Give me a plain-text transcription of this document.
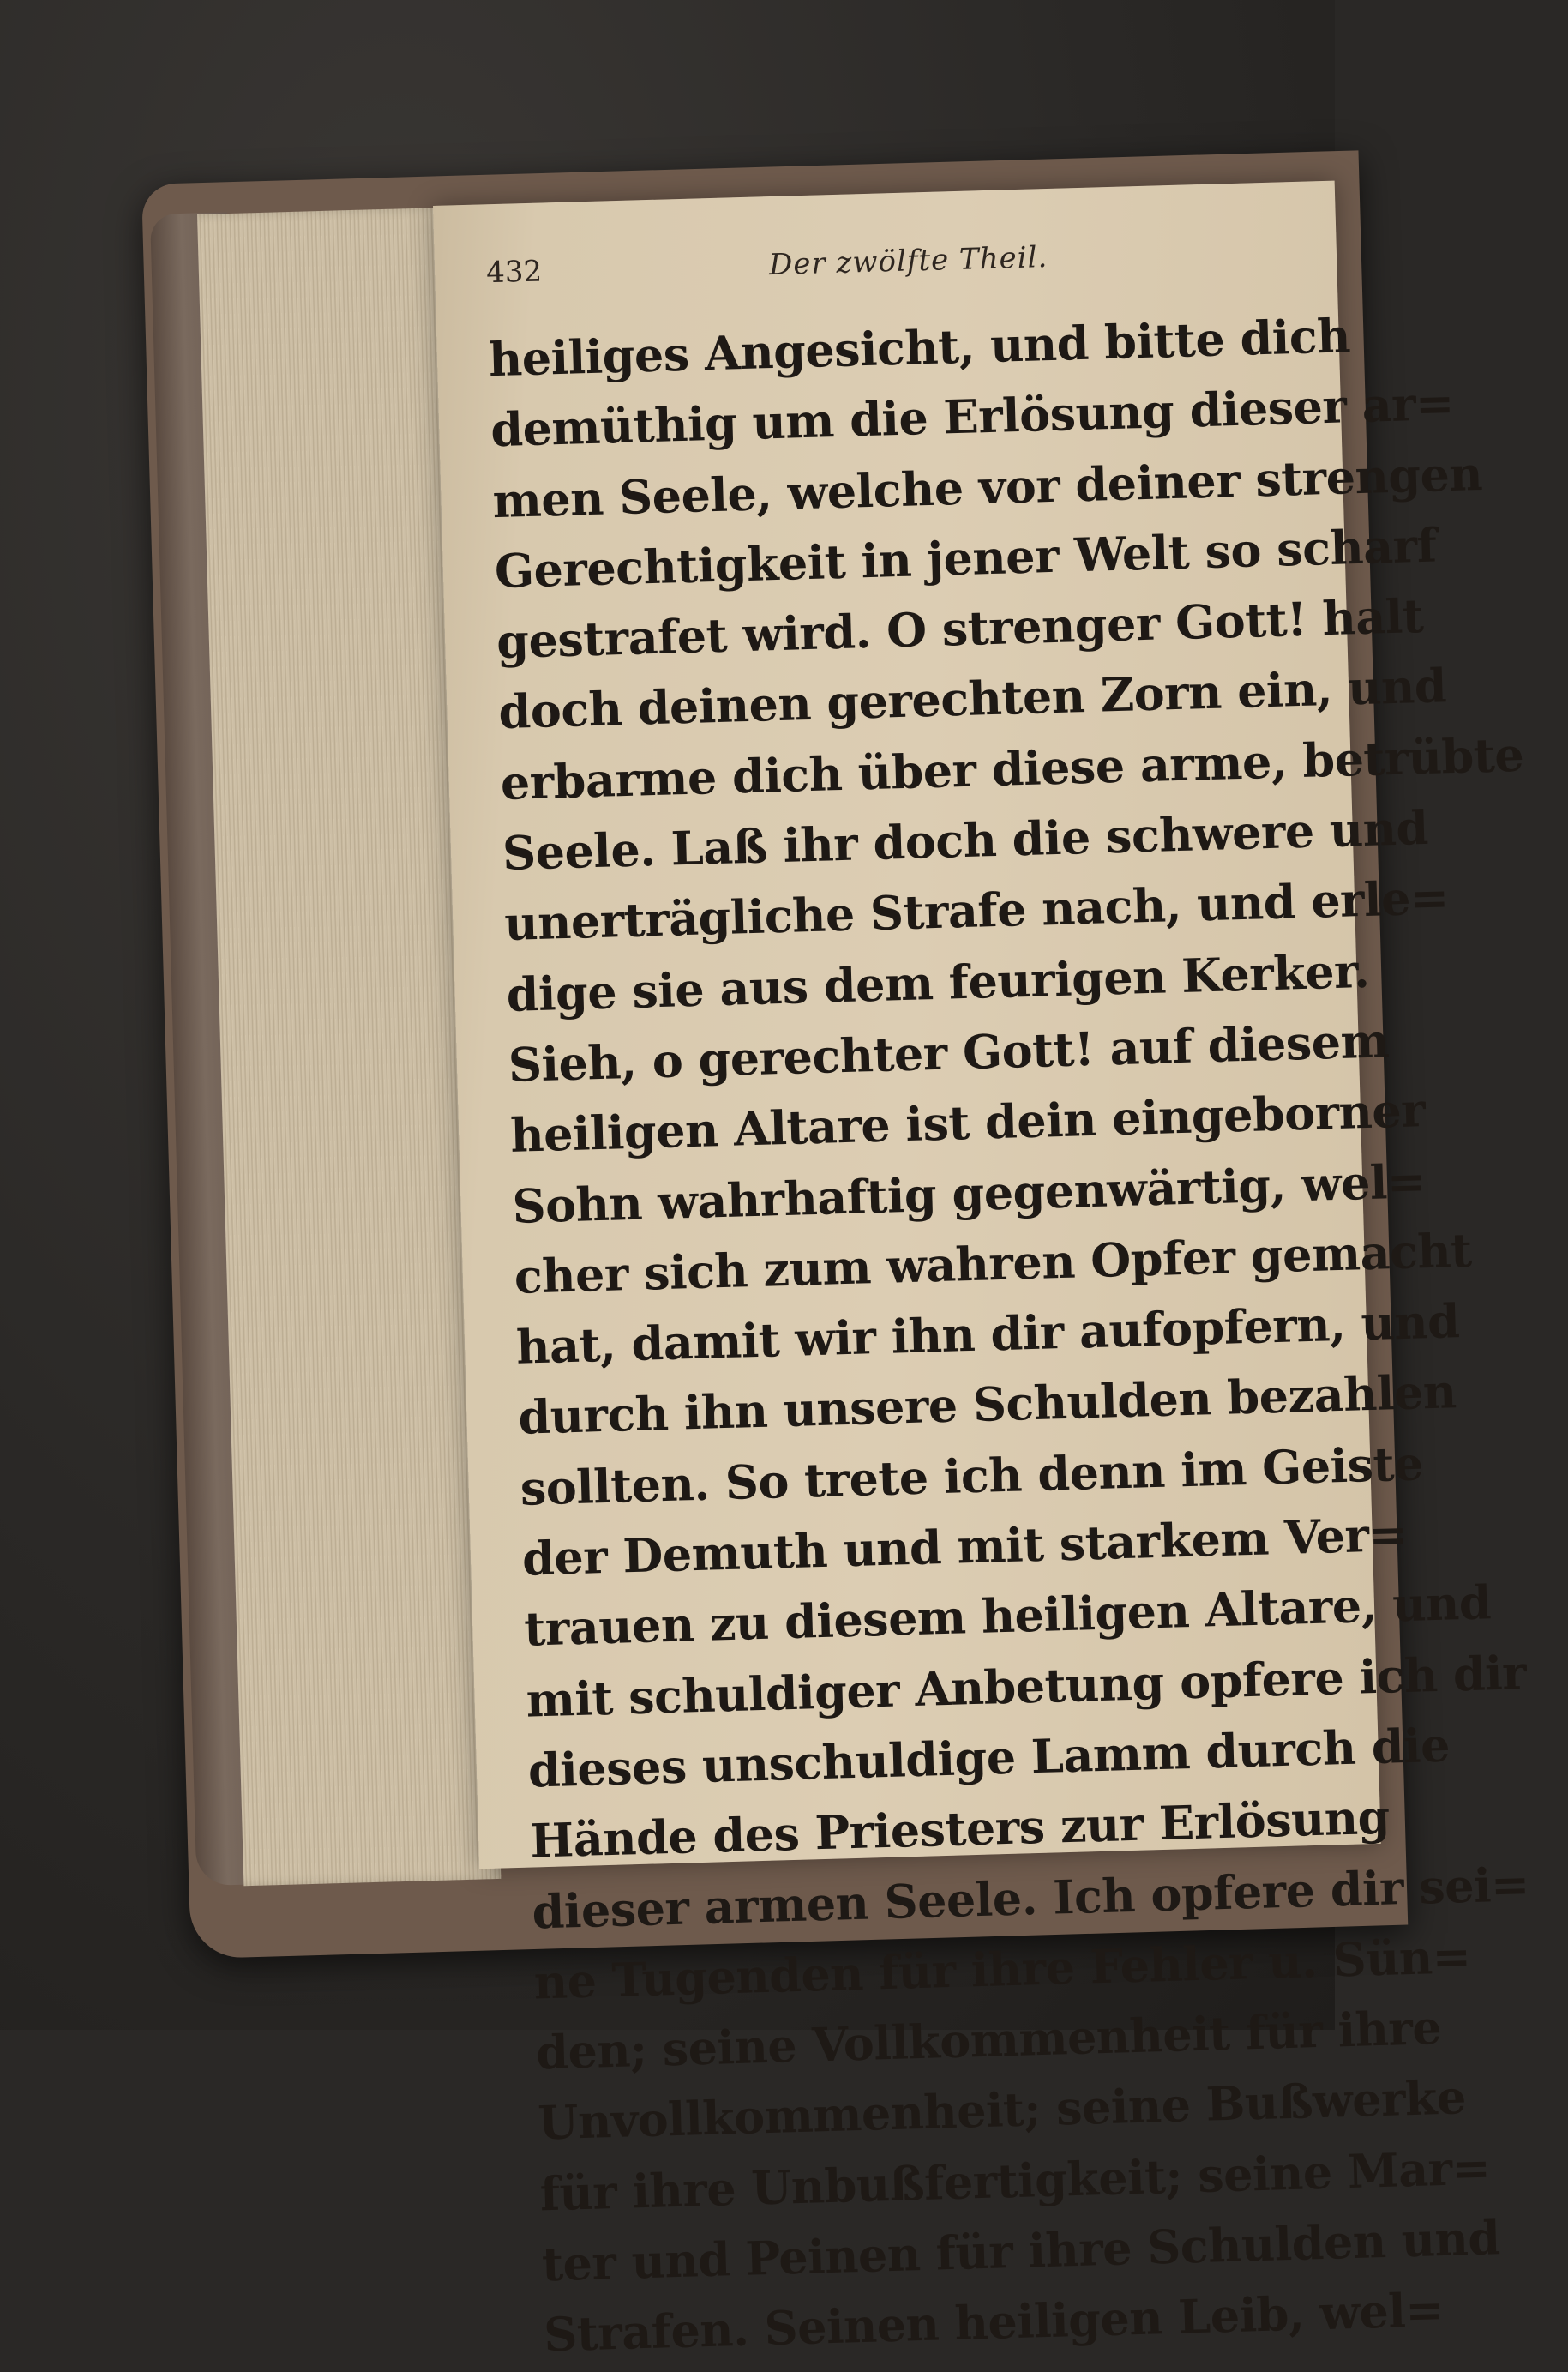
432	Der zwölfte Theil.
heiliges Angesicht, und bitte dich
demüthig um die Erlösung dieser ar=
men Seele, welche vor deiner strengen
Gerechtigkeit in jener Welt so scharf
gestrafet wird. O strenger Gott! halt
doch deinen gerechten Zorn ein, und
erbarme dich über diese arme, betrübte
Seele. Laß ihr doch die schwere und
unerträgliche Strafe nach, und erle=
dige sie aus dem feurigen Kerker.
Sieh, o gerechter Gott! auf diesem
heiligen Altare ist dein eingeborner
Sohn wahrhaftig gegenwärtig, wel=
cher sich zum wahren Opfer gemacht
hat, damit wir ihn dir aufopfern, und
durch ihn unsere Schulden bezahlen
sollten. So trete ich denn im Geiste
der Demuth und mit starkem Ver=
trauen zu diesem heiligen Altare, und
mit schuldiger Anbetung opfere ich dir
dieses unschuldige Lamm durch die
Hände des Priesters zur Erlösung
dieser armen Seele. Ich opfere dir sei=
ne Tugenden für ihre Fehler u. Sün=
den; seine Vollkommenheit für ihre
Unvollkommenheit; seine Bußwerke
für ihre Unbußfertigkeit; seine Mar=
ter und Peinen für ihre Schulden und
Strafen. Seinen heiligen Leib, wel=
